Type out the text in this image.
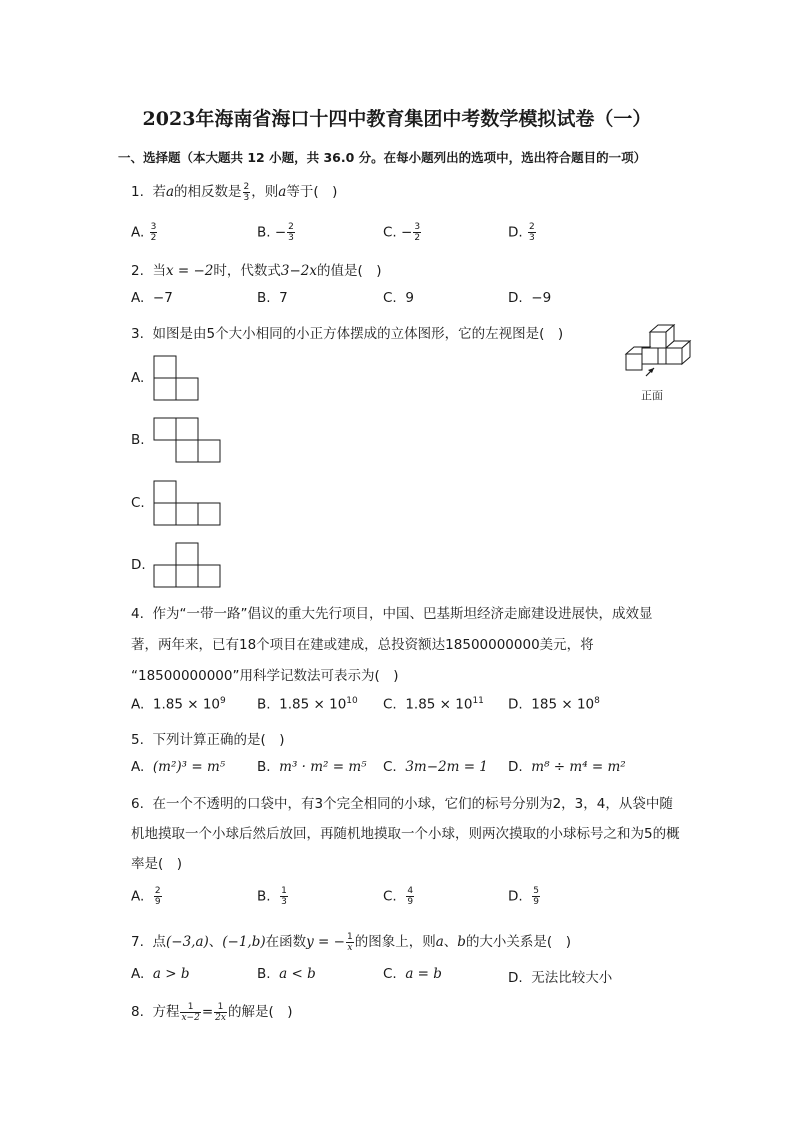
2023年海南省海口十四中教育集团中考数学模拟试卷（一）
一、选择题（本大题共 12 小题，共 36.0 分。在每小题列出的选项中，选出符合题目的一项）
1. 若a的相反数是 $\frac{2}{3}$ ，则a等于(　)
A. $\frac{3}{2}$	B. − $\frac{2}{3}$	C. − $\frac{3}{2}$	D. $\frac{2}{3}$
2. 当x = −2时，代数式3−2x的值是(　)
A. −7	B. 7	C. 9	D. −9
3. 如图是由5个大小相同的小正方体摆成的立体图形，它的左视图是(　)
正面
A.
B.
C.
D.
4. 作为“一带一路”倡议的重大先行项目，中国、巴基斯坦经济走廊建设进展快，成效显
著，两年来，已有18个项目在建或建成，总投资额达18500000000美元，将
“18500000000”用科学记数法可表示为(　)
A. $1.85 \times 10^9$ B. $1.85 \times 10^{10}$ C. $1.85 \times 10^{11}$ D. $185 \times 10^8$
5. 下列计算正确的是(　)
A. (m²)³ = m⁵ B. m³ · m² = m⁵ C. 3m−2m = 1 D. m⁸ ÷ m⁴ = m²
6. 在一个不透明的口袋中，有3个完全相同的小球，它们的标号分别为2，3，4，从袋中随
机地摸取一个小球后然后放回，再随机地摸取一个小球，则两次摸取的小球标号之和为5的概
率是(　)
A. $\frac{2}{9}$	B. $\frac{1}{3}$	C. $\frac{4}{9}$	D. $\frac{5}{9}$
7. 点(−3,a)、(−1,b)在函数y = − $\frac{1}{x}$ 的图象上，则a、b的大小关系是(　)
A. a > b	B. a < b	C. a = b	D. 无法比较大小
8. 方程 $\frac{1}{x-2} = \frac{1}{2x}$ 的解是(　)
